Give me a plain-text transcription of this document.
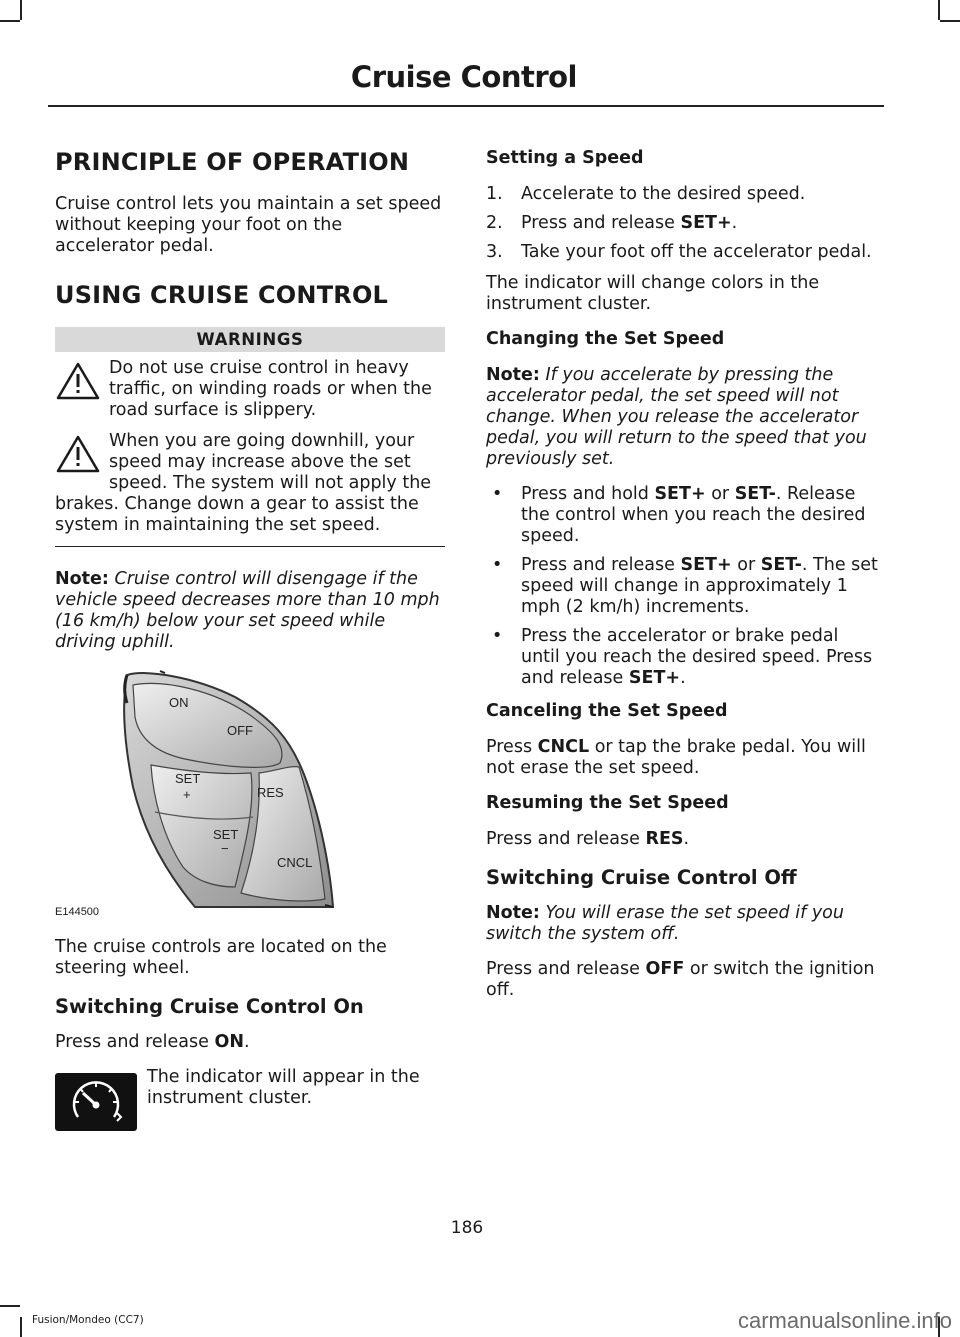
Cruise Control
PRINCIPLE OF OPERATION

Cruise control lets you maintain a set speed without keeping your foot on the accelerator pedal.

USING CRUISE CONTROL
WARNINGS
Do not use cruise control in heavy traffic, on winding roads or when the road surface is slippery.
When you are going downhill, your speed may increase above the set speed. The system will not apply the brakes. Change down a gear to assist the system in maintaining the set speed.

Note: Cruise control will disengage if the vehicle speed decreases more than 10 mph (16 km/h) below your set speed while driving uphill.

ON
OFF
SET
+	RES
SET
−
CNCL
E144500

The cruise controls are located on the steering wheel.

Switching Cruise Control On

Press and release ON.

The indicator will appear in the instrument cluster.
Setting a Speed
1. Accelerate to the desired speed.
2. Press and release SET+.
3. Take your foot off the accelerator pedal.

The indicator will change colors in the instrument cluster.

Changing the Set Speed

Note: If you accelerate by pressing the accelerator pedal, the set speed will not change. When you release the accelerator pedal, you will return to the speed that you previously set.

• Press and hold SET+ or SET-. Release the control when you reach the desired speed.
• Press and release SET+ or SET-. The set speed will change in approximately 1 mph (2 km/h) increments.
• Press the accelerator or brake pedal until you reach the desired speed. Press and release SET+.
Canceling the Set Speed

Press CNCL or tap the brake pedal. You will not erase the set speed.

Resuming the Set Speed

Press and release RES.

Switching Cruise Control Off

Note: You will erase the set speed if you switch the system off.

Press and release OFF or switch the ignition off.

186
Fusion/Mondeo (CC7)	carmanualsonline.info
